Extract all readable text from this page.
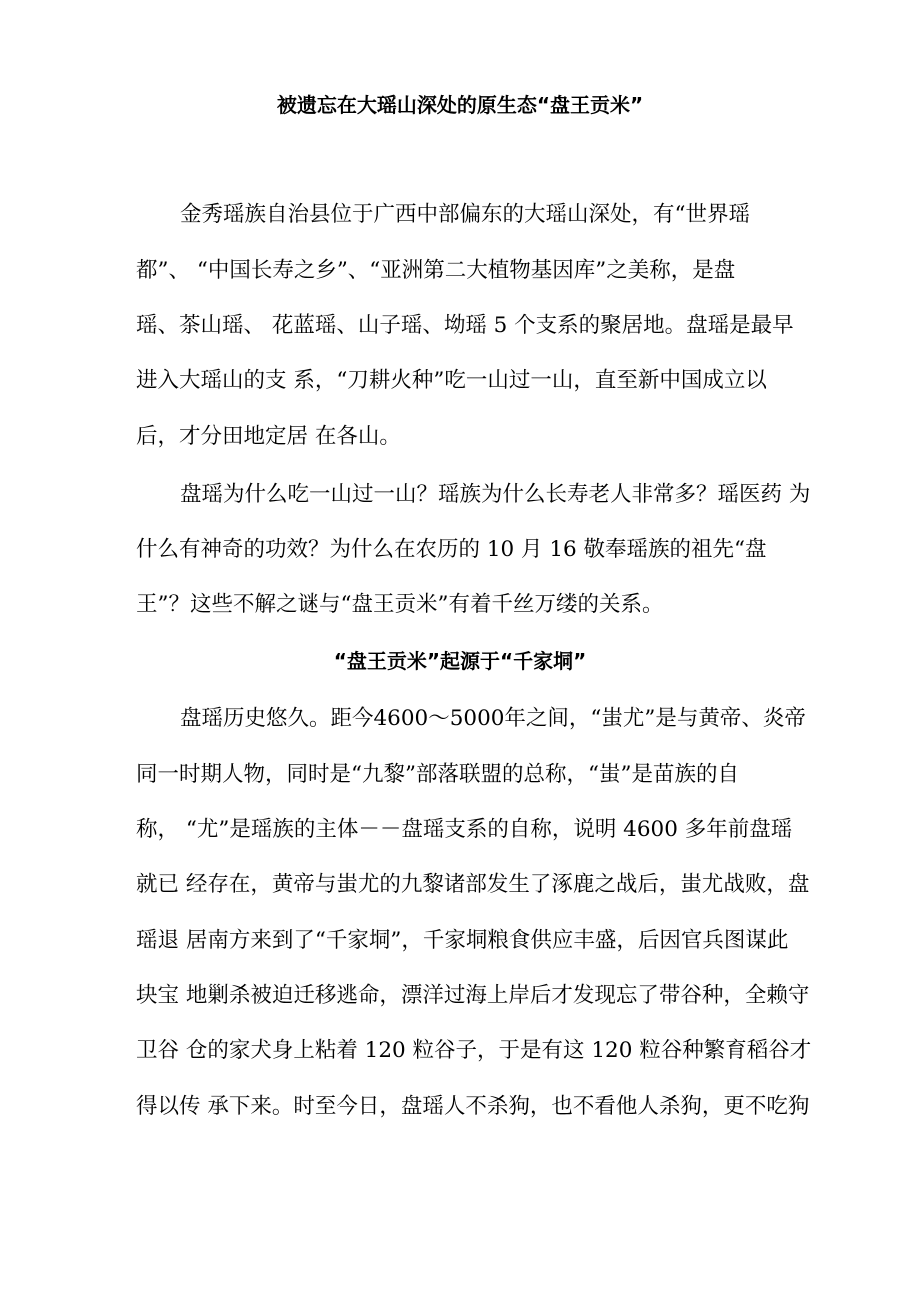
被遗忘在大瑶山深处的原生态“盘王贡米”

金秀瑶族自治县位于广西中部偏东的大瑶山深处，有“世界瑶

都”、 “中国长寿之乡”、“亚洲第二大植物基因库”之美称，是盘

瑶、茶山瑶、 花蓝瑶、山子瑶、坳瑶 5 个支系的聚居地。盘瑶是最早

进入大瑶山的支 系，“刀耕火种”吃一山过一山，直至新中国成立以

后，才分田地定居 在各山。

盘瑶为什么吃一山过一山？瑶族为什么长寿老人非常多？瑶医药 为

什么有神奇的功效？为什么在农历的 10 月 16 敬奉瑶族的祖先“盘

王”？这些不解之谜与“盘王贡米”有着千丝万缕的关系。

“盘王贡米”起源于“千家垌”

盘瑶历史悠久。距今4600～5000年之间，“蚩尤”是与黄帝、炎帝

同一时期人物，同时是“九黎”部落联盟的总称，“蚩”是苗族的自

称， “尤”是瑶族的主体－－盘瑶支系的自称，说明 4600 多年前盘瑶

就已 经存在，黄帝与蚩尤的九黎诸部发生了涿鹿之战后，蚩尤战败，盘

瑶退 居南方来到了“千家垌”，千家垌粮食供应丰盛，后因官兵图谋此

块宝 地剿杀被迫迁移逃命，漂洋过海上岸后才发现忘了带谷种，全赖守

卫谷 仓的家犬身上粘着 120 粒谷子，于是有这 120 粒谷种繁育稻谷才

得以传 承下来。时至今日，盘瑶人不杀狗，也不看他人杀狗，更不吃狗
